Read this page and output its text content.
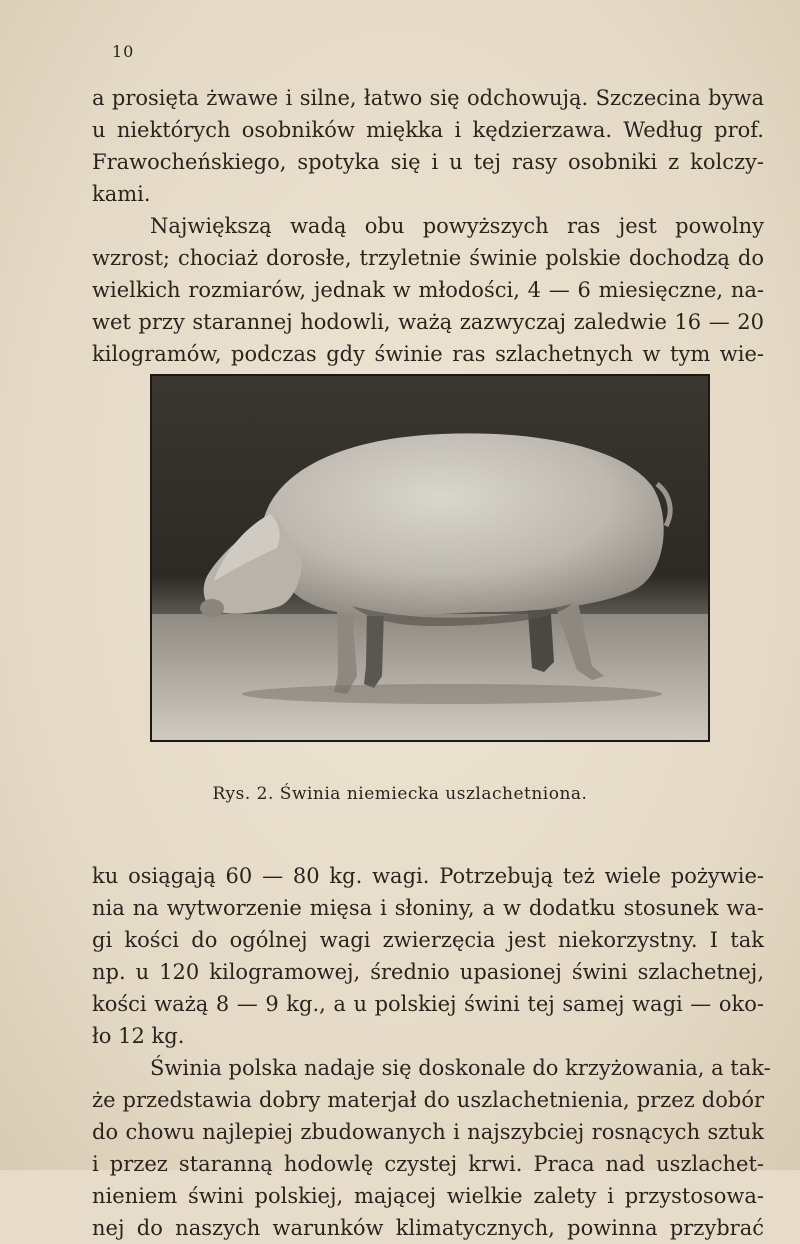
10
a prosięta żwawe i silne, łatwo się odchowują. Szczecina bywa
u niektórych osobników miękka i kędzierzawa. Według prof.
Frawocheńskiego, spotyka się i u tej rasy osobniki z kolczy-
kami.
Największą wadą obu powyższych ras jest powolny
wzrost; chociaż dorosłe, trzyletnie świnie polskie dochodzą do
wielkich rozmiarów, jednak w młodości, 4 — 6 miesięczne, na-
wet przy starannej hodowli, ważą zazwyczaj zaledwie 16 — 20
kilogramów, podczas gdy świnie ras szlachetnych w tym wie-
Rys. 2. Świnia niemiecka uszlachetniona.
ku osiągają 60 — 80 kg. wagi. Potrzebują też wiele pożywie-
nia na wytworzenie mięsa i słoniny, a w dodatku stosunek wa-
gi kości do ogólnej wagi zwierzęcia jest niekorzystny. I tak
np. u 120 kilogramowej, średnio upasionej świni szlachetnej,
kości ważą 8 — 9 kg., a u polskiej świni tej samej wagi — oko-
ło 12 kg.
Świnia polska nadaje się doskonale do krzyżowania, a tak-
że przedstawia dobry materjał do uszlachetnienia, przez dobór
do chowu najlepiej zbudowanych i najszybciej rosnących sztuk
i przez staranną hodowlę czystej krwi. Praca nad uszlachet-
nieniem świni polskiej, mającej wielkie zalety i przystosowa-
nej do naszych warunków klimatycznych, powinna przybrać
